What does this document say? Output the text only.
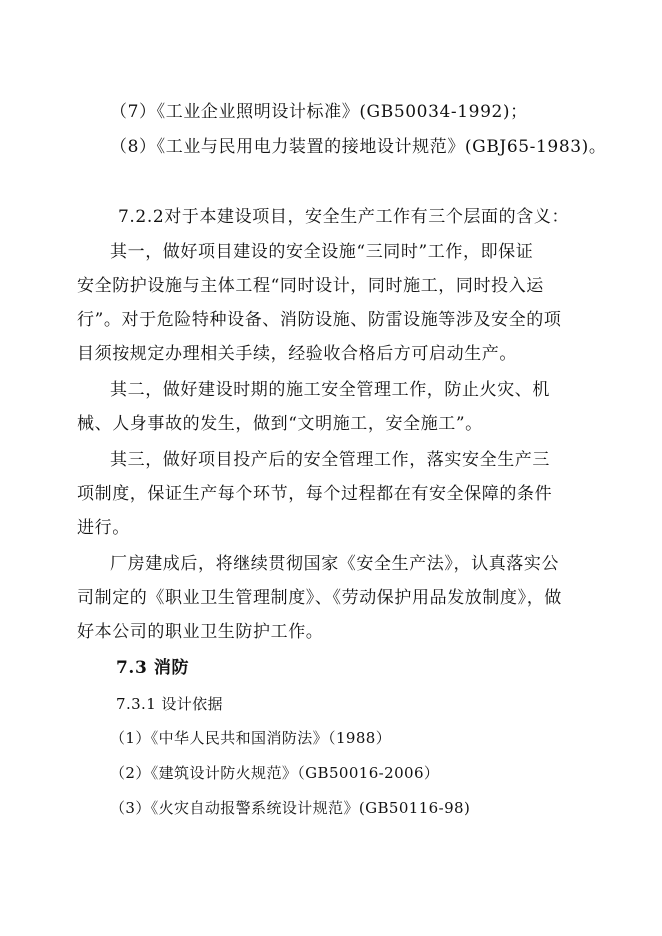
（7）《工业企业照明设计标准》(GB50034-1992)；
（8）《工业与民用电力装置的接地设计规范》(GBJ65-1983)。
7.2.2对于本建设项目，安全生产工作有三个层面的含义：
其一，做好项目建设的安全设施“三同时”工作，即保证
安全防护设施与主体工程“同时设计，同时施工，同时投入运
行”。对于危险特种设备、消防设施、防雷设施等涉及安全的项
目须按规定办理相关手续，经验收合格后方可启动生产。
其二，做好建设时期的施工安全管理工作，防止火灾、机
械、人身事故的发生，做到“文明施工，安全施工”。
其三，做好项目投产后的安全管理工作，落实安全生产三
项制度，保证生产每个环节，每个过程都在有安全保障的条件
进行。
厂房建成后，将继续贯彻国家《安全生产法》，认真落实公
司制定的《职业卫生管理制度》、《劳动保护用品发放制度》，做
好本公司的职业卫生防护工作。
7.3 消防
7.3.1 设计依据
（1）《中华人民共和国消防法》（1988）
（2）《建筑设计防火规范》（GB50016-2006）
（3）《火灾自动报警系统设计规范》(GB50116-98)
